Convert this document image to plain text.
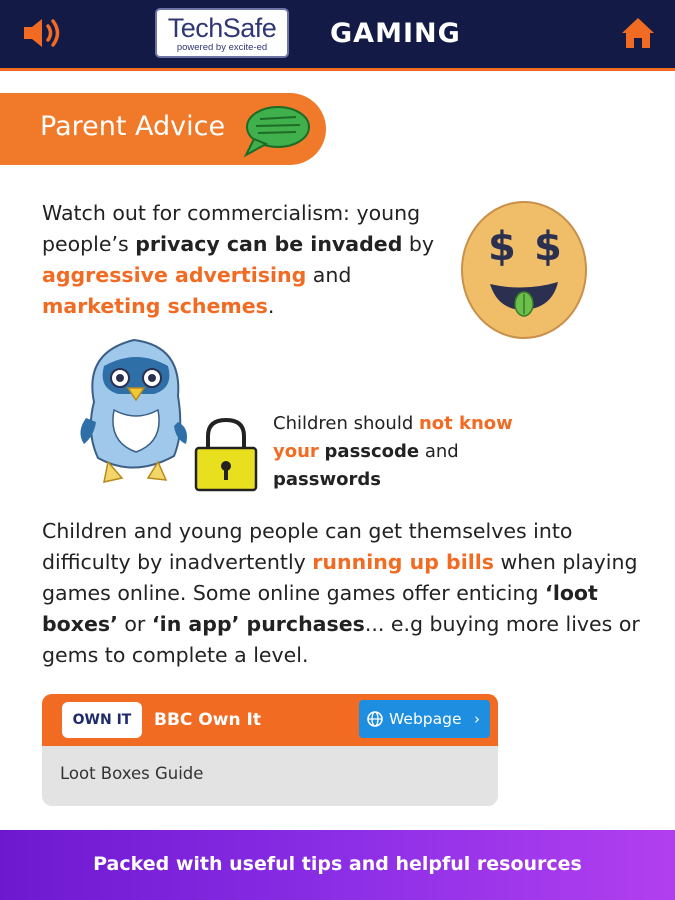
TechSafe
powered by excite-ed	GAMING
Parent Advice
Watch out for commercialism: young people’s privacy can be invaded by aggressive advertising and marketing schemes.
$ $
Children should not know your passcode and passwords
Children and young people can get themselves into difficulty by inadvertently running up bills when playing games online. Some online games offer enticing ‘loot boxes’ or ‘in app’ purchases... e.g buying more lives or gems to complete a level.
OWN IT	BBC Own It	Webpage ›
Loot Boxes Guide
Packed with useful tips and helpful resources
